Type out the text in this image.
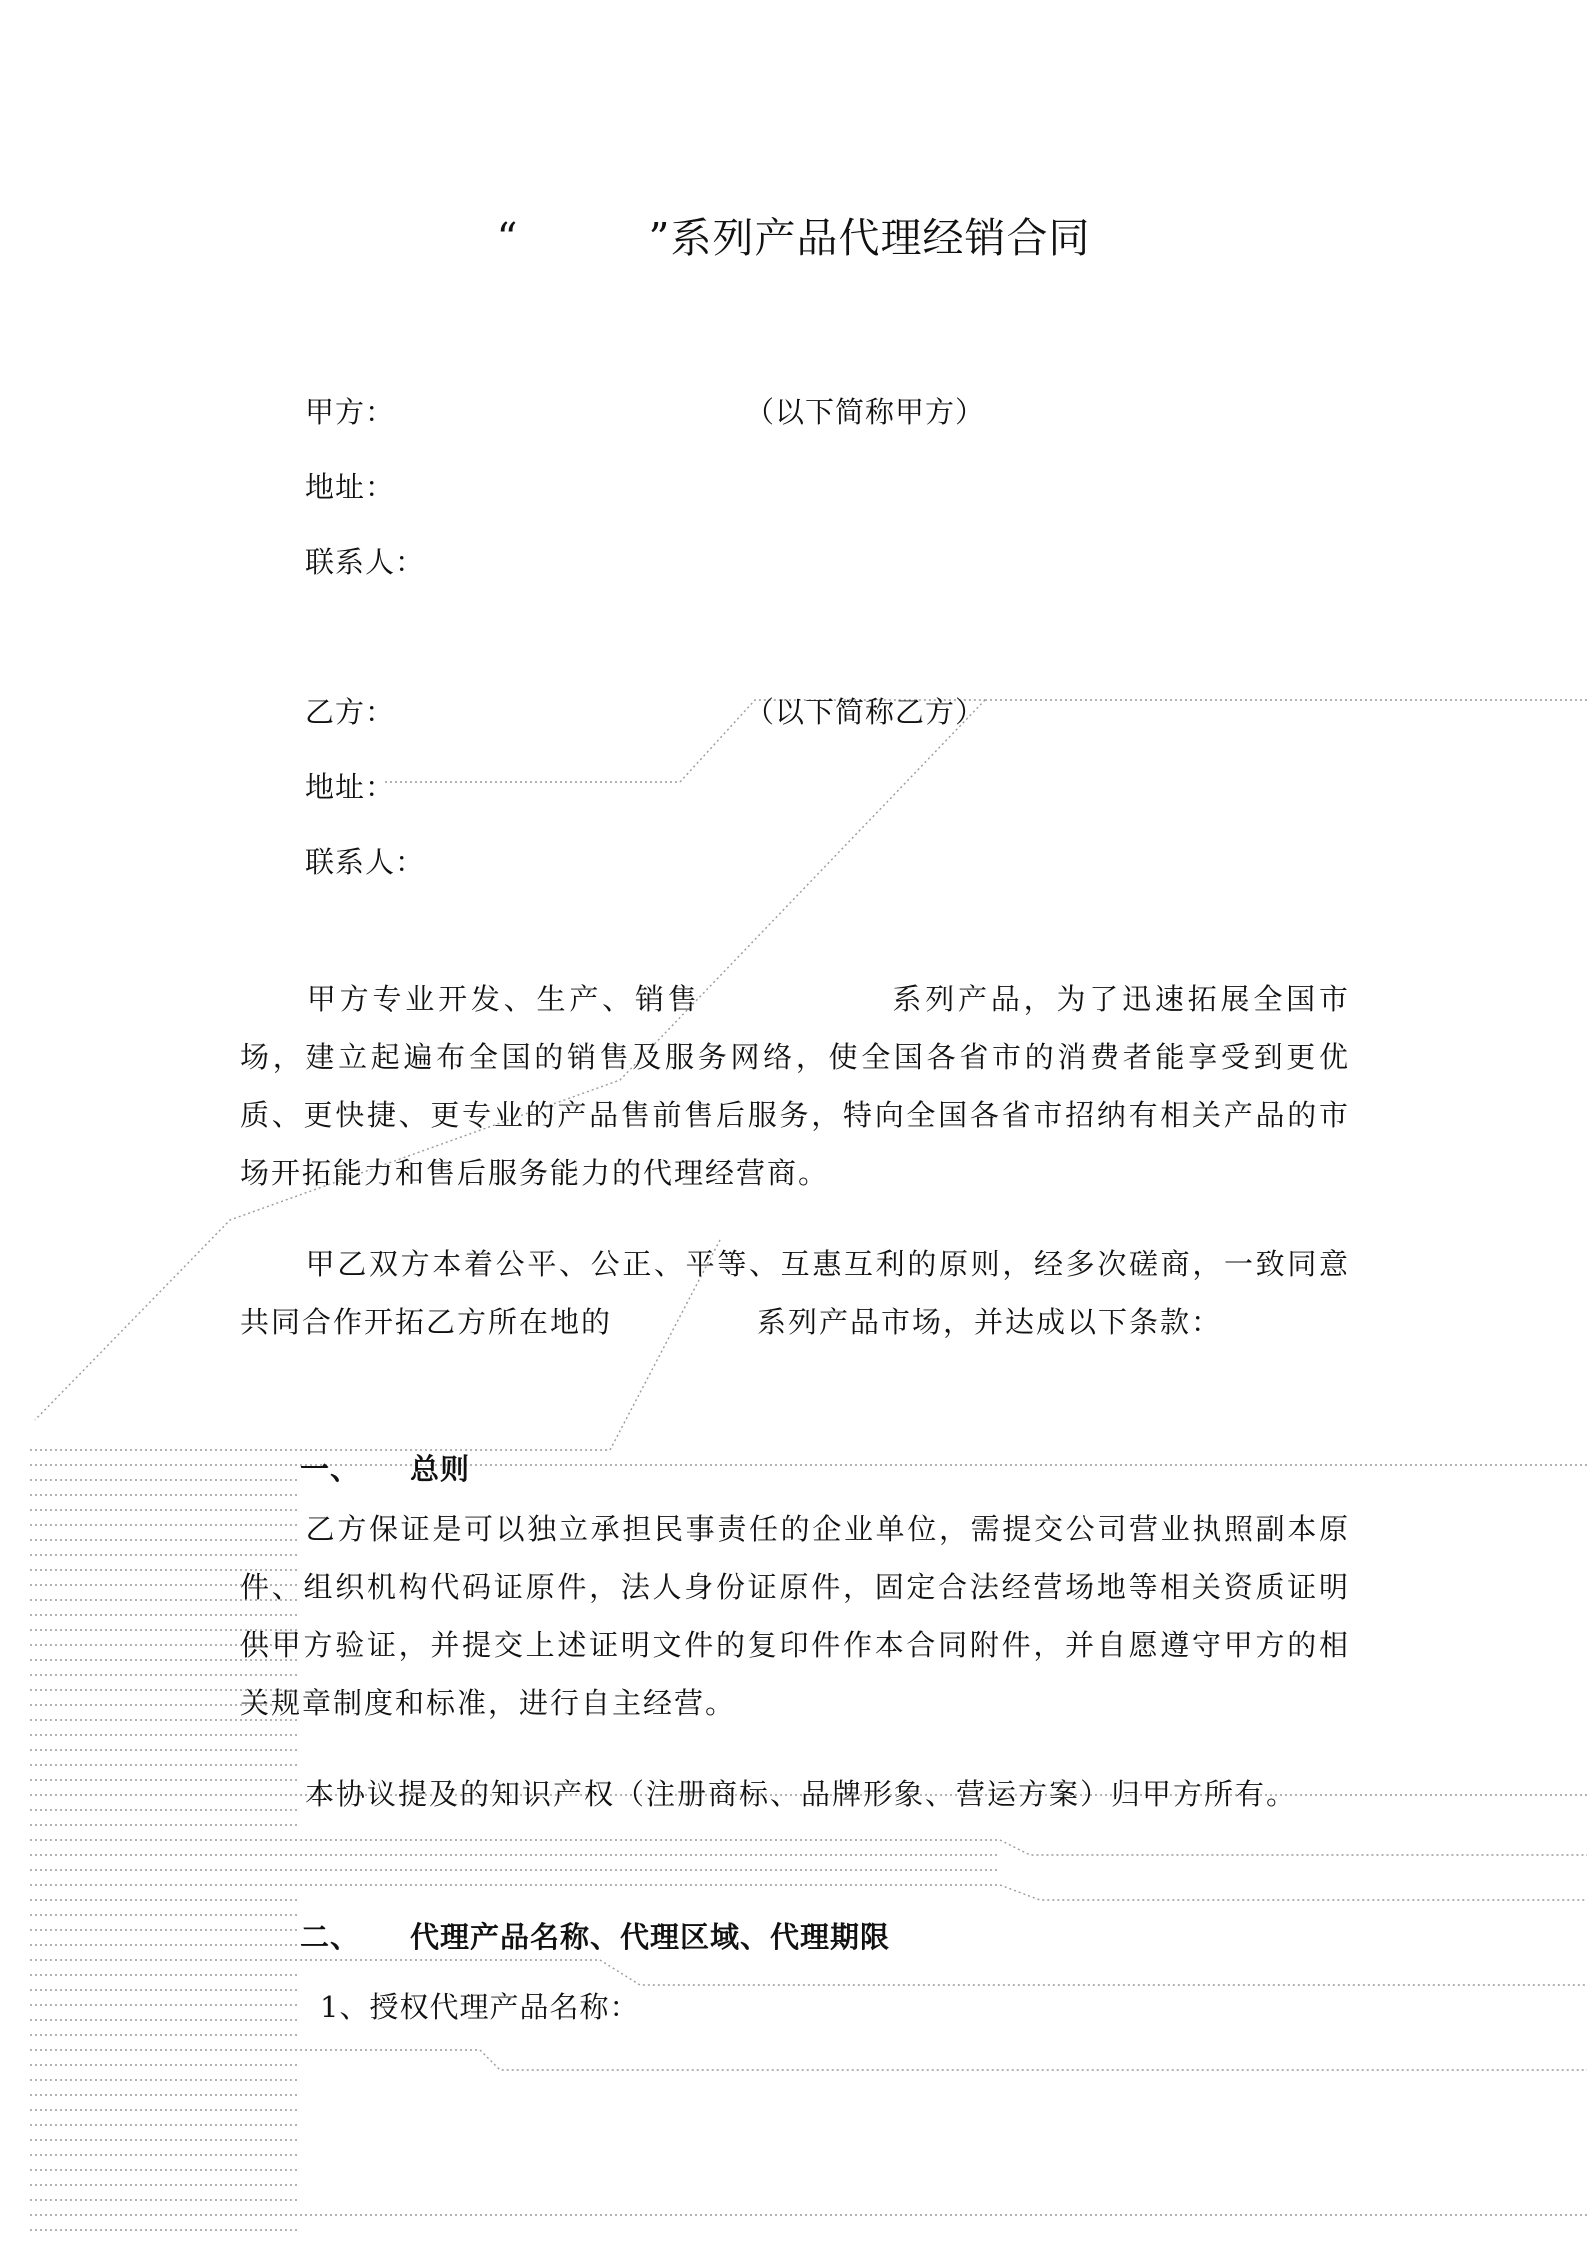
“	”系列产品代理经销合同
甲方：	（以下简称甲方）
地址：
联系人：
乙方：	（以下简称乙方）
地址：
联系人：
甲方专业开发、生产、销售	系列产品，为了迅速拓展全国市场，建立起遍布全国的销售及服务网络，使全国各省市的消费者能享受到更优质、更快捷、更专业的产品售前售后服务，特向全国各省市招纳有相关产品的市场开拓能力和售后服务能力的代理经营商。
甲乙双方本着公平、公正、平等、互惠互利的原则，经多次磋商，一致同意共同合作开拓乙方所在地的	系列产品市场，并达成以下条款：
一、 总则
乙方保证是可以独立承担民事责任的企业单位，需提交公司营业执照副本原件、组织机构代码证原件，法人身份证原件，固定合法经营场地等相关资质证明供甲方验证，并提交上述证明文件的复印件作本合同附件，并自愿遵守甲方的相关规章制度和标准，进行自主经营。
本协议提及的知识产权（注册商标、品牌形象、营运方案）归甲方所有。
二、 代理产品名称、代理区域、代理期限
1、授权代理产品名称：
